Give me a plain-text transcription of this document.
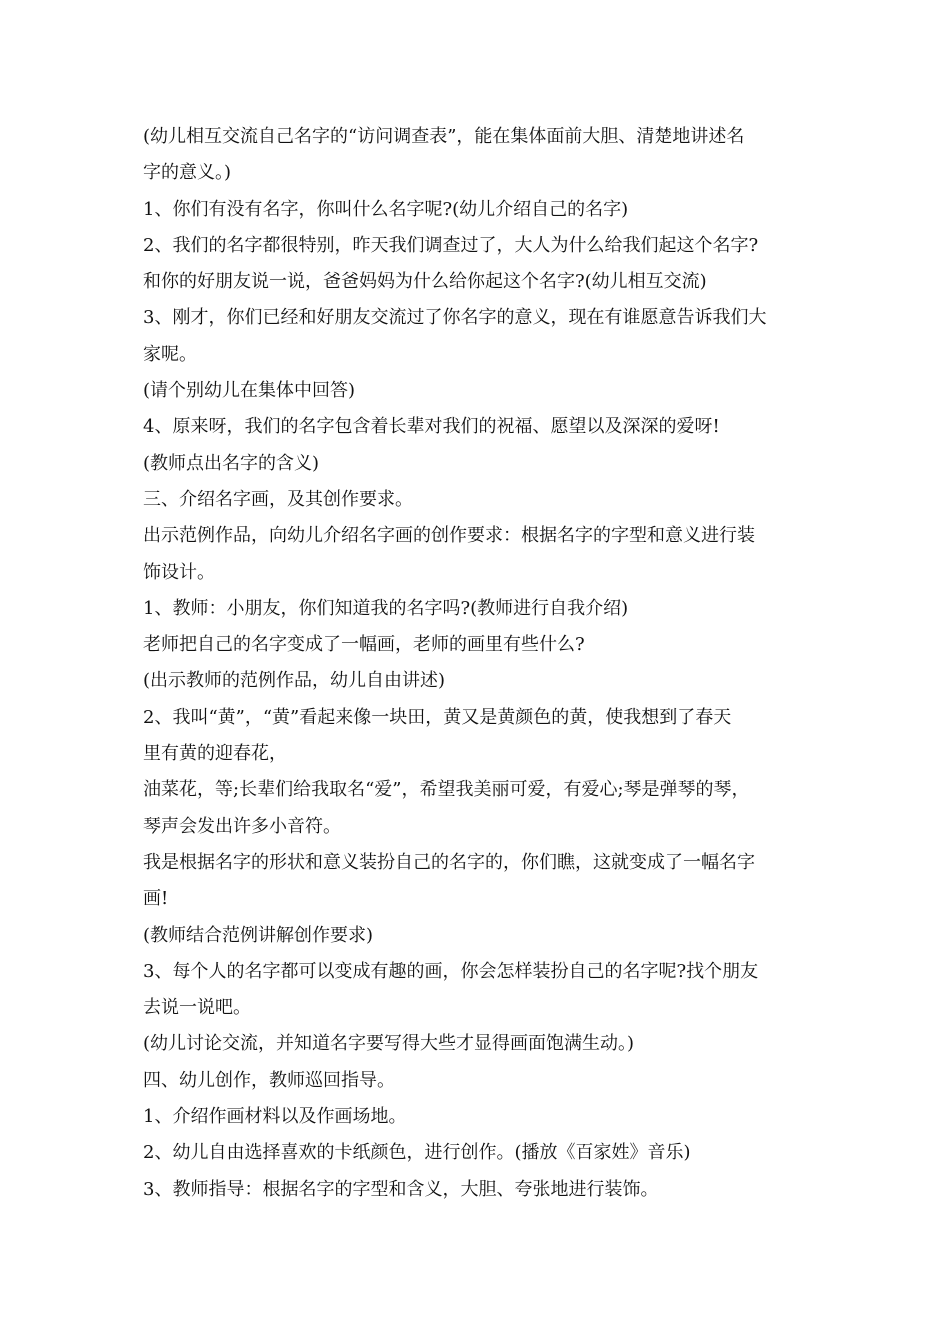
(幼儿相互交流自己名字的“访问调查表”，能在集体面前大胆、清楚地讲述名
字的意义。)
1、你们有没有名字，你叫什么名字呢?(幼儿介绍自己的名字)
2、我们的名字都很特别，昨天我们调查过了，大人为什么给我们起这个名字?
和你的好朋友说一说，爸爸妈妈为什么给你起这个名字?(幼儿相互交流)
3、刚才，你们已经和好朋友交流过了你名字的意义，现在有谁愿意告诉我们大
家呢。
(请个别幼儿在集体中回答)
4、原来呀，我们的名字包含着长辈对我们的祝福、愿望以及深深的爱呀!
(教师点出名字的含义)
三、介绍名字画，及其创作要求。
出示范例作品，向幼儿介绍名字画的创作要求：根据名字的字型和意义进行装
饰设计。
1、教师：小朋友，你们知道我的名字吗?(教师进行自我介绍)
老师把自己的名字变成了一幅画，老师的画里有些什么?
(出示教师的范例作品，幼儿自由讲述)
2、我叫“黄”，“黄”看起来像一块田，黄又是黄颜色的黄，使我想到了春天
里有黄的迎春花，
油菜花，等;长辈们给我取名“爱”，希望我美丽可爱，有爱心;琴是弹琴的琴，
琴声会发出许多小音符。
我是根据名字的形状和意义装扮自己的名字的，你们瞧，这就变成了一幅名字
画!
(教师结合范例讲解创作要求)
3、每个人的名字都可以变成有趣的画，你会怎样装扮自己的名字呢?找个朋友
去说一说吧。
(幼儿讨论交流，并知道名字要写得大些才显得画面饱满生动。)
四、幼儿创作，教师巡回指导。
1、介绍作画材料以及作画场地。
2、幼儿自由选择喜欢的卡纸颜色，进行创作。(播放《百家姓》音乐)
3、教师指导：根据名字的字型和含义，大胆、夸张地进行装饰。
